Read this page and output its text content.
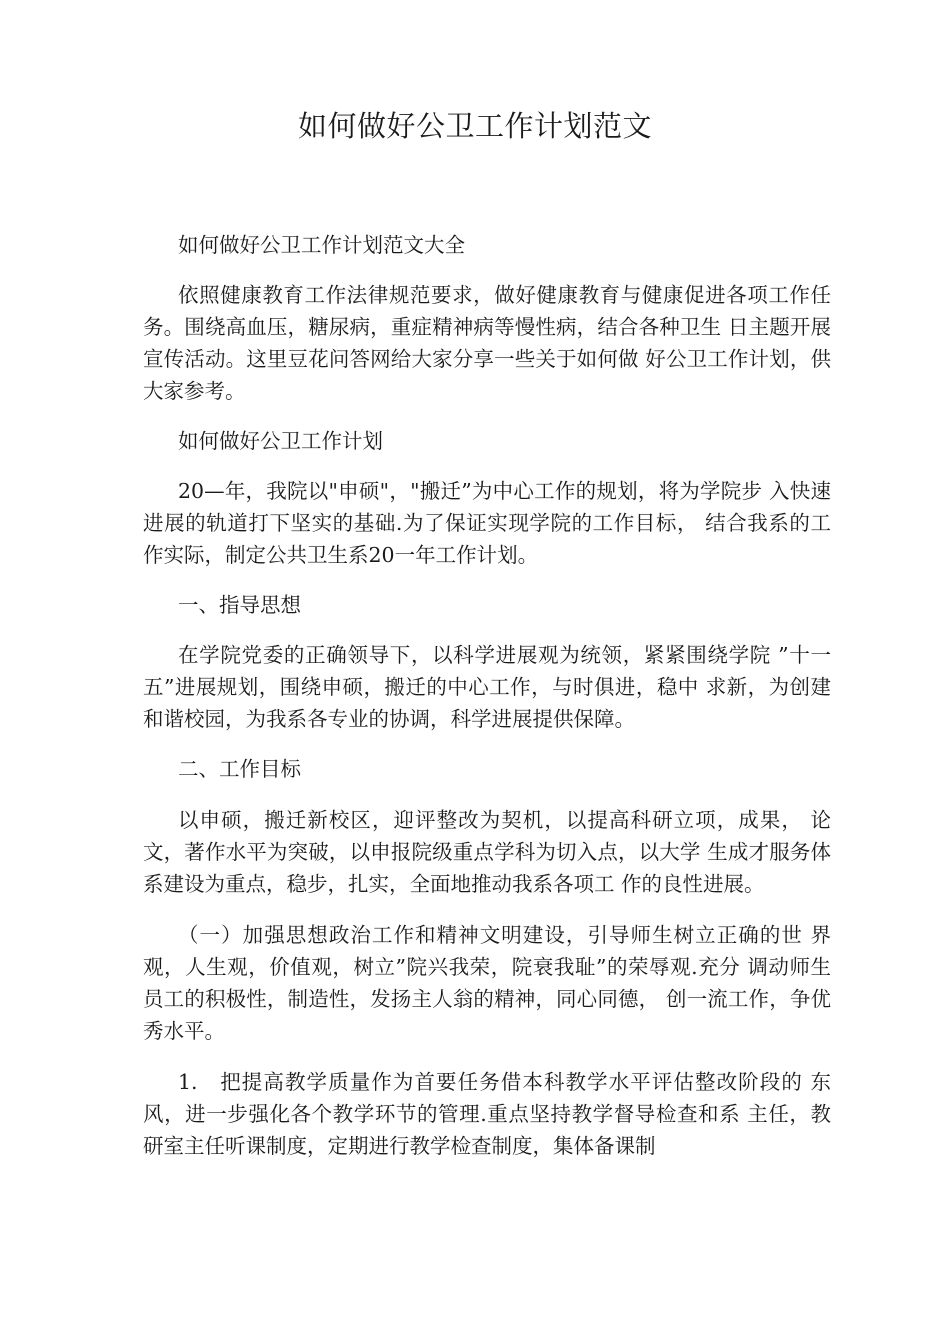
如何做好公卫工作计划范文

如何做好公卫工作计划范文大全

依照健康教育工作法律规范要求，做好健康教育与健康促进各项工作任务。围绕高血压，糖尿病，重症精神病等慢性病，结合各种卫生 日主题开展宣传活动。这里豆花问答网给大家分享一些关于如何做 好公卫工作计划，供大家参考。

如何做好公卫工作计划

20—年，我院以"申硕"，"搬迁”为中心工作的规划，将为学院步 入快速进展的轨道打下坚实的基础.为了保证实现学院的工作目标， 结合我系的工作实际，制定公共卫生系20一年工作计划。

一、指导思想

在学院党委的正确领导下，以科学进展观为统领，紧紧围绕学院 ”十一五”进展规划，围绕申硕，搬迁的中心工作，与时俱进，稳中 求新，为创建和谐校园，为我系各专业的协调，科学进展提供保障。

二、工作目标

以申硕，搬迁新校区，迎评整改为契机，以提高科研立项，成果， 论文，著作水平为突破，以申报院级重点学科为切入点，以大学 生成才服务体系建设为重点，稳步，扎实，全面地推动我系各项工 作的良性进展。

（一）加强思想政治工作和精神文明建设，引导师生树立正确的世 界观，人生观，价值观，树立”院兴我荣，院衰我耻”的荣辱观.充分 调动师生员工的积极性，制造性，发扬主人翁的精神，同心同德， 创一流工作，争优秀水平。

1.　把提高教学质量作为首要任务借本科教学水平评估整改阶段的 东风，进一步强化各个教学环节的管理.重点坚持教学督导检查和系 主任，教研室主任听课制度，定期进行教学检查制度，集体备课制
